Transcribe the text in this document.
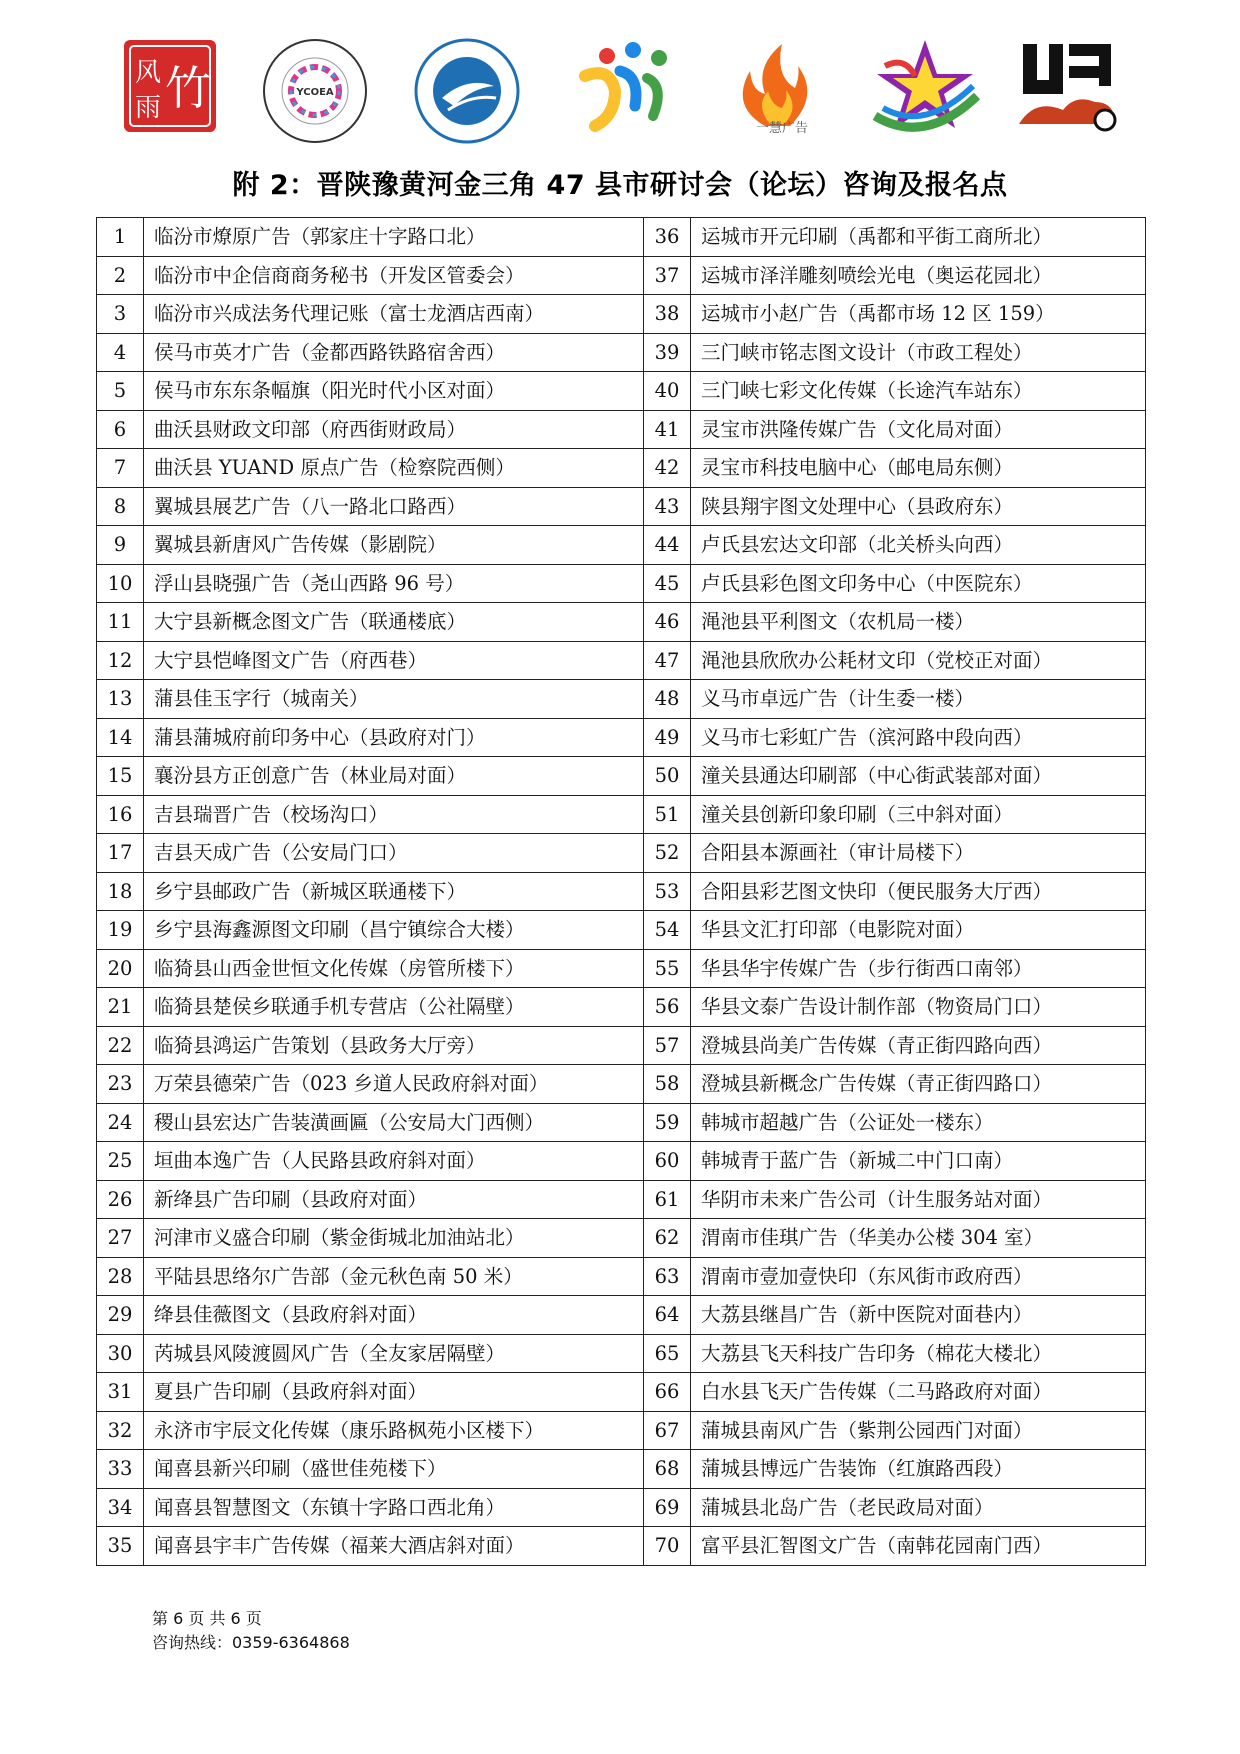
风
雨 竹	YCOEA
一慧广告
附 2：晋陕豫黄河金三角 47 县市研讨会（论坛）咨询及报名点
1	临汾市燎原广告（郭家庄十字路口北）	36	运城市开元印刷（禹都和平街工商所北）
2	临汾市中企信商商务秘书（开发区管委会）	37	运城市泽洋雕刻喷绘光电（奥运花园北）
3	临汾市兴成法务代理记账（富士龙酒店西南）	38	运城市小赵广告（禹都市场 12 区 159）
4	侯马市英才广告（金都西路铁路宿舍西）	39	三门峡市铭志图文设计（市政工程处）
5	侯马市东东条幅旗（阳光时代小区对面）	40	三门峡七彩文化传媒（长途汽车站东）
6	曲沃县财政文印部（府西街财政局）	41	灵宝市洪隆传媒广告（文化局对面）
7	曲沃县 YUAND 原点广告（检察院西侧）	42	灵宝市科技电脑中心（邮电局东侧）
8	翼城县展艺广告（八一路北口路西）	43	陕县翔宇图文处理中心（县政府东）
9	翼城县新唐风广告传媒（影剧院）	44	卢氏县宏达文印部（北关桥头向西）
10	浮山县晓强广告（尧山西路 96 号）	45	卢氏县彩色图文印务中心（中医院东）
11	大宁县新概念图文广告（联通楼底）	46	渑池县平利图文（农机局一楼）
12	大宁县恺峰图文广告（府西巷）	47	渑池县欣欣办公耗材文印（党校正对面）
13	蒲县佳玉字行（城南关）	48	义马市卓远广告（计生委一楼）
14	蒲县蒲城府前印务中心（县政府对门）	49	义马市七彩虹广告（滨河路中段向西）
15	襄汾县方正创意广告（林业局对面）	50	潼关县通达印刷部（中心街武装部对面）
16	吉县瑞晋广告（校场沟口）	51	潼关县创新印象印刷（三中斜对面）
17	吉县天成广告（公安局门口）	52	合阳县本源画社（审计局楼下）
18	乡宁县邮政广告（新城区联通楼下）	53	合阳县彩艺图文快印（便民服务大厅西）
19	乡宁县海鑫源图文印刷（昌宁镇综合大楼）	54	华县文汇打印部（电影院对面）
20	临猗县山西金世恒文化传媒（房管所楼下）	55	华县华宇传媒广告（步行街西口南邻）
21	临猗县楚侯乡联通手机专营店（公社隔壁）	56	华县文泰广告设计制作部（物资局门口）
22	临猗县鸿运广告策划（县政务大厅旁）	57	澄城县尚美广告传媒（青正街四路向西）
23	万荣县德荣广告（023 乡道人民政府斜对面）	58	澄城县新概念广告传媒（青正街四路口）
24	稷山县宏达广告装潢画匾（公安局大门西侧）	59	韩城市超越广告（公证处一楼东）
25	垣曲本逸广告（人民路县政府斜对面）	60	韩城青于蓝广告（新城二中门口南）
26	新绛县广告印刷（县政府对面）	61	华阴市未来广告公司（计生服务站对面）
27	河津市义盛合印刷（紫金街城北加油站北）	62	渭南市佳琪广告（华美办公楼 304 室）
28	平陆县思络尔广告部（金元秋色南 50 米）	63	渭南市壹加壹快印（东风街市政府西）
29	绛县佳薇图文（县政府斜对面）	64	大荔县继昌广告（新中医院对面巷内）
30	芮城县风陵渡圆风广告（全友家居隔壁）	65	大荔县飞天科技广告印务（棉花大楼北）
31	夏县广告印刷（县政府斜对面）	66	白水县飞天广告传媒（二马路政府对面）
32	永济市宇辰文化传媒（康乐路枫苑小区楼下）	67	蒲城县南风广告（紫荆公园西门对面）
33	闻喜县新兴印刷（盛世佳苑楼下）	68	蒲城县博远广告装饰（红旗路西段）
34	闻喜县智慧图文（东镇十字路口西北角）	69	蒲城县北岛广告（老民政局对面）
35	闻喜县宇丰广告传媒（福莱大酒店斜对面）	70	富平县汇智图文广告（南韩花园南门西）
第 6 页 共 6 页
咨询热线：0359-6364868
